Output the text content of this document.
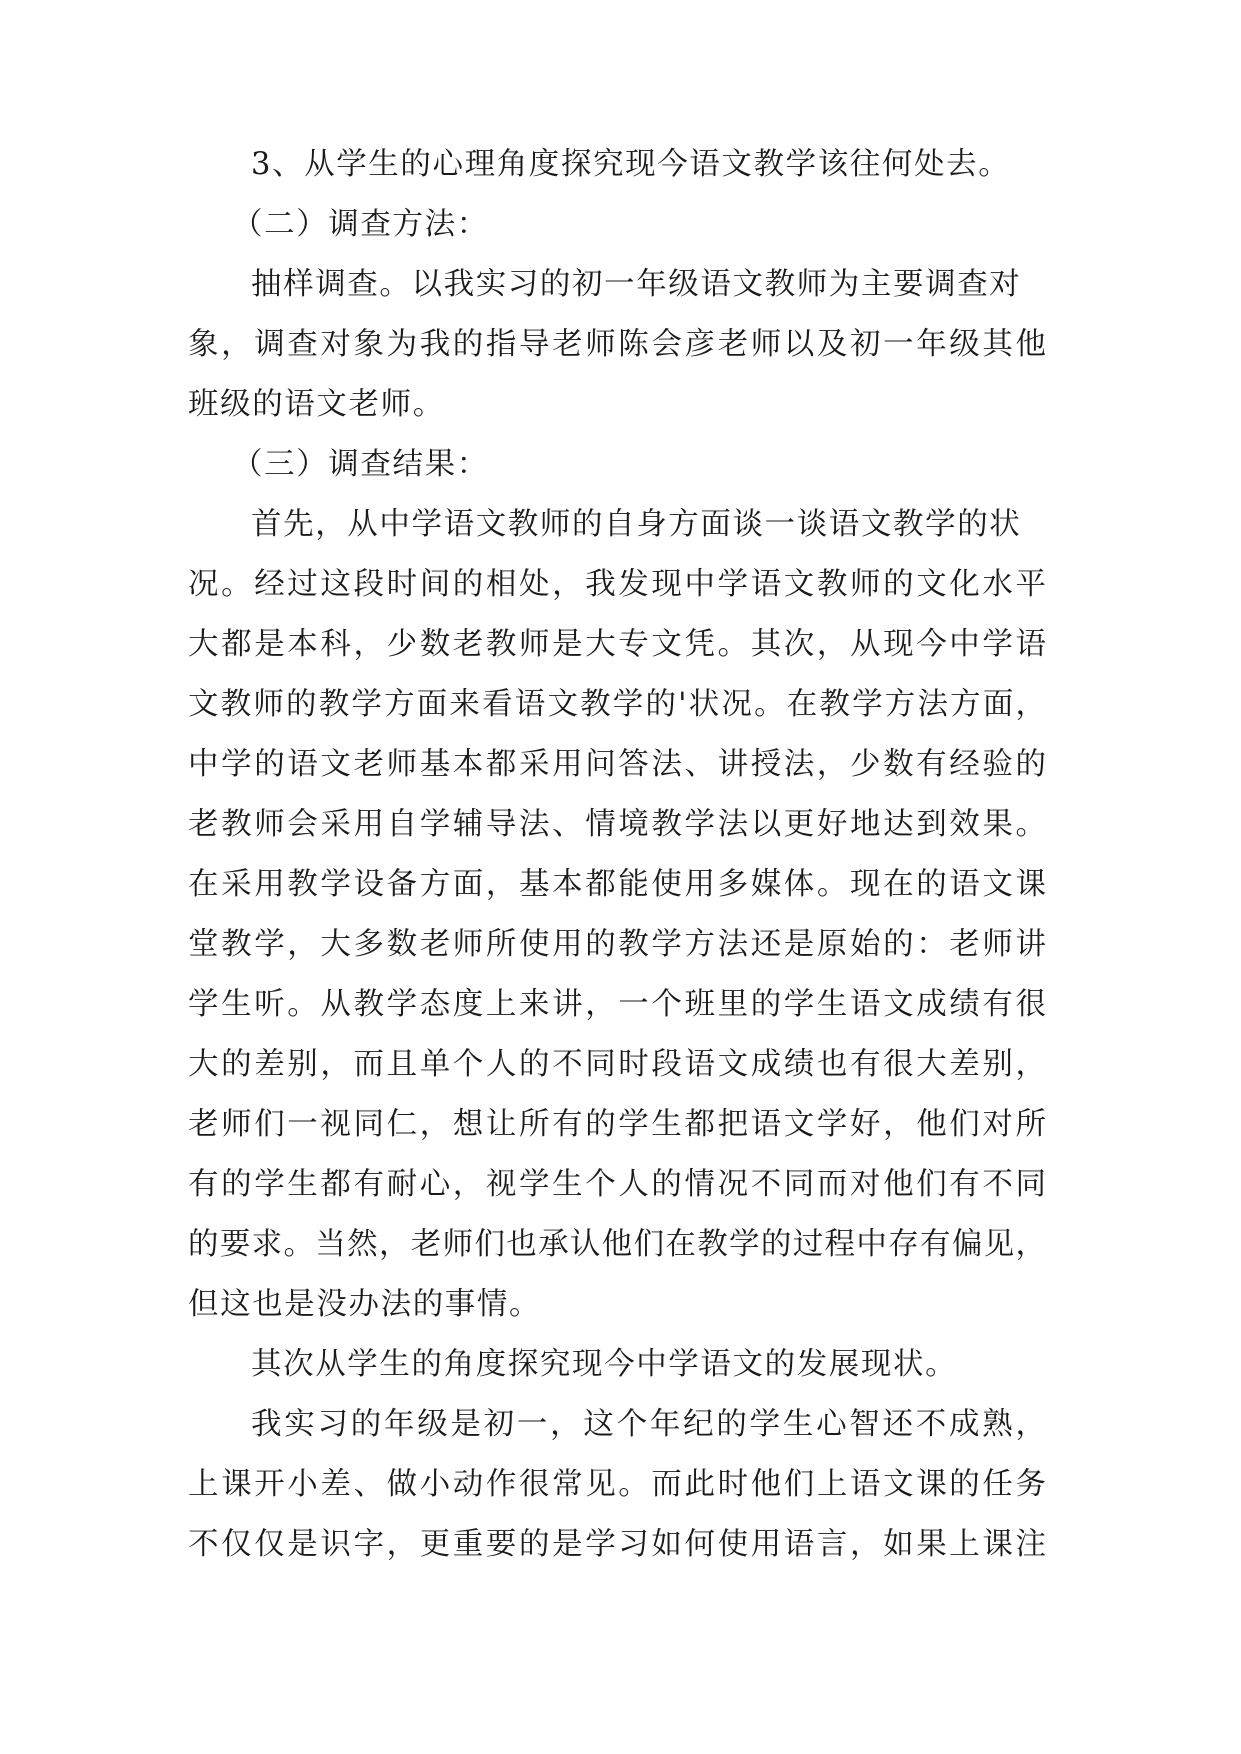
3、从学生的心理角度探究现今语文教学该往何处去。
（二）调查方法：
抽样调查。以我实习的初一年级语文教师为主要调查对
象，调查对象为我的指导老师陈会彦老师以及初一年级其他
班级的语文老师。
（三）调查结果：
首先，从中学语文教师的自身方面谈一谈语文教学的状
况。经过这段时间的相处，我发现中学语文教师的文化水平
大都是本科，少数老教师是大专文凭。其次，从现今中学语
文教师的教学方面来看语文教学的'状况。在教学方法方面，
中学的语文老师基本都采用问答法、讲授法，少数有经验的
老教师会采用自学辅导法、情境教学法以更好地达到效果。
在采用教学设备方面，基本都能使用多媒体。现在的语文课
堂教学，大多数老师所使用的教学方法还是原始的：老师讲
学生听。从教学态度上来讲，一个班里的学生语文成绩有很
大的差别，而且单个人的不同时段语文成绩也有很大差别，
老师们一视同仁，想让所有的学生都把语文学好，他们对所
有的学生都有耐心，视学生个人的情况不同而对他们有不同
的要求。当然，老师们也承认他们在教学的过程中存有偏见，
但这也是没办法的事情。
其次从学生的角度探究现今中学语文的发展现状。
我实习的年级是初一，这个年纪的学生心智还不成熟，
上课开小差、做小动作很常见。而此时他们上语文课的任务
不仅仅是识字，更重要的是学习如何使用语言，如果上课注
